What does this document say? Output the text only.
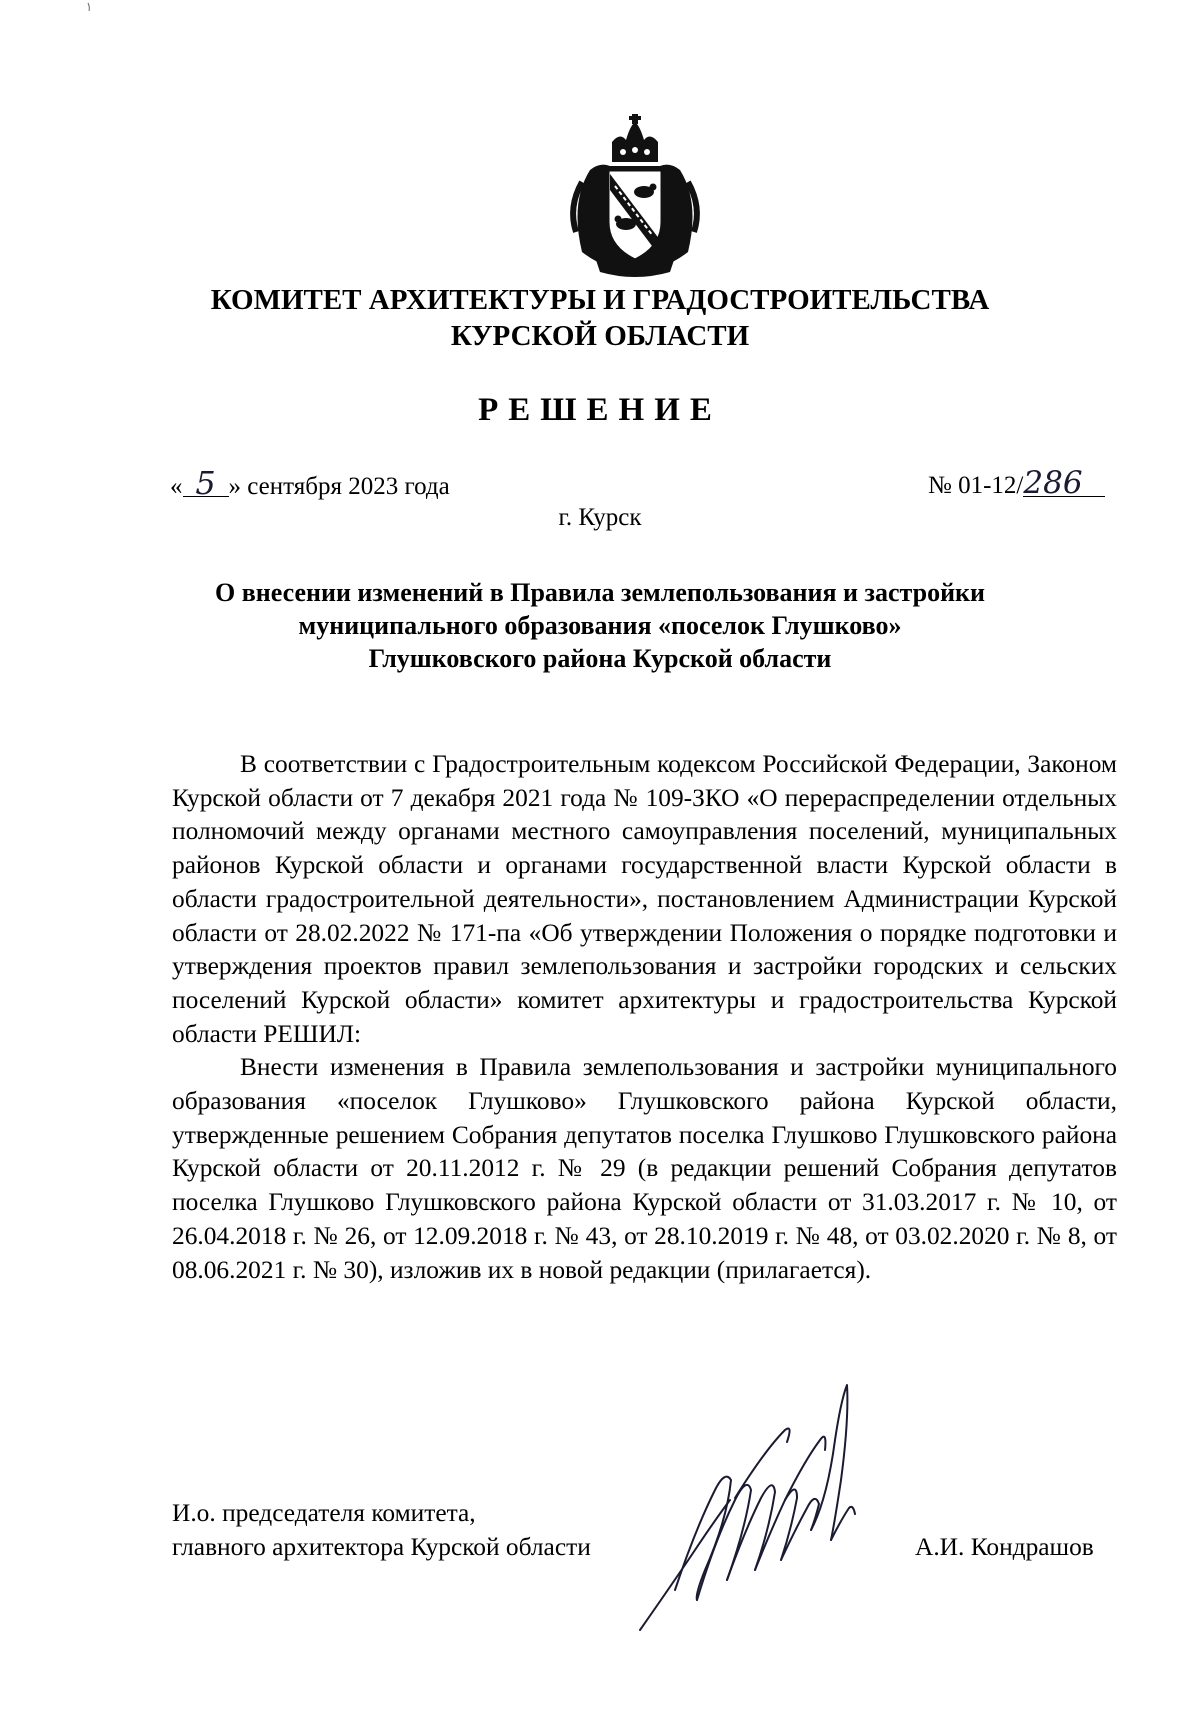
КОМИТЕТ АРХИТЕКТУРЫ И ГРАДОСТРОИТЕЛЬСТВА
КУРСКОЙ ОБЛАСТИ
РЕШЕНИЕ
« 5 » сентября 2023 года	№ 01-12/286
г. Курск
О внесении изменений в Правила землепользования и застройки
муниципального образования «поселок Глушково»
Глушковского района Курской области

В соответствии с Градостроительным кодексом Российской Федерации, Законом Курской области от 7 декабря 2021 года № 109-ЗКО «О перераспределении отдельных полномочий между органами местного самоуправления поселений, муниципальных районов Курской области и органами государственной власти Курской области в области градостроительной деятельности», постановлением Администрации Курской области от 28.02.2022 № 171-па «Об утверждении Положения о порядке подготовки и утверждения проектов правил землепользования и застройки городских и сельских поселений Курской области» комитет архитектуры и градостроительства Курской области РЕШИЛ:

Внести изменения в Правила землепользования и застройки муниципального образования «поселок Глушково» Глушковского района Курской области, утвержденные решением Собрания депутатов поселка Глушково Глушковского района Курской области от 20.11.2012 г. № 29 (в редакции решений Собрания депутатов поселка Глушково Глушковского района Курской области от 31.03.2017 г. № 10, от 26.04.2018 г. № 26, от 12.09.2018 г. № 43, от 28.10.2019 г. № 48, от 03.02.2020 г. № 8, от 08.06.2021 г. № 30), изложив их в новой редакции (прилагается).

И.о. председателя комитета,
главного архитектора Курской области	А.И. Кондрашов
